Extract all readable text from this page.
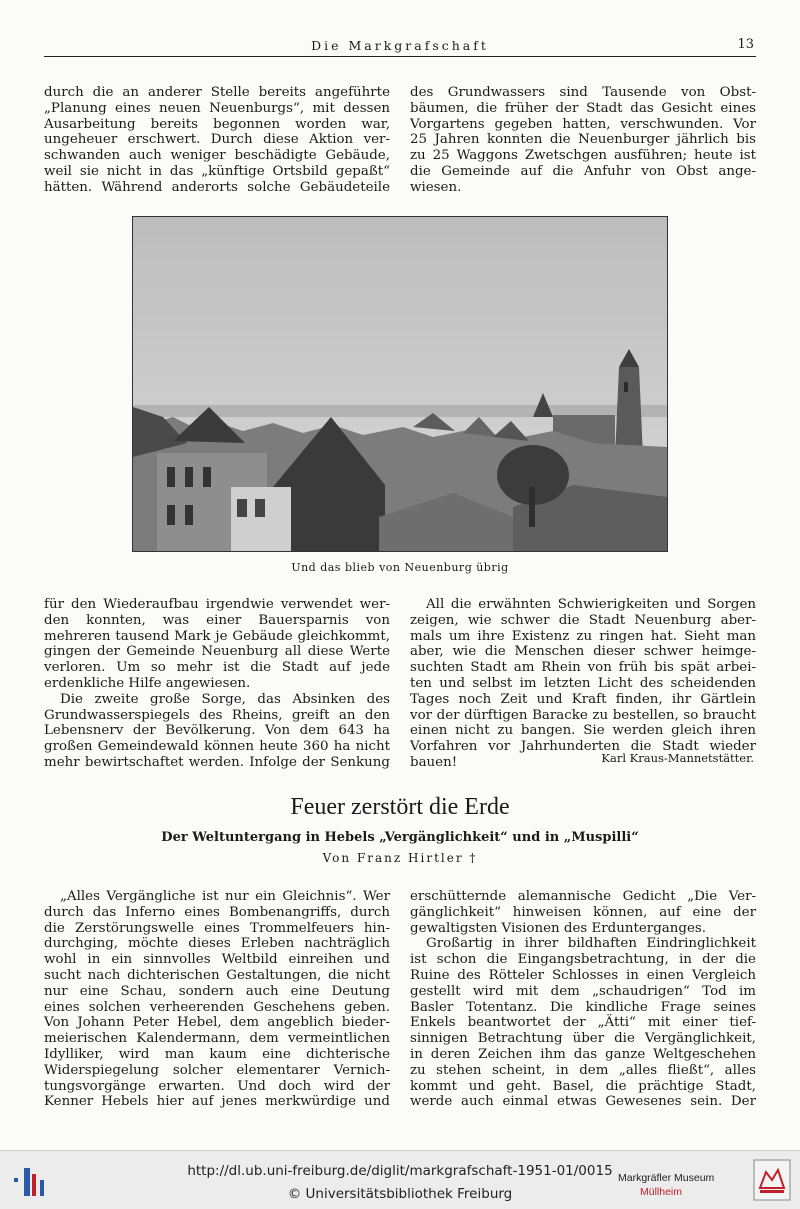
Die Markgrafschaft	13
durch die an anderer Stelle bereits angeführte
„Planung eines neuen Neuenburgs“, mit dessen
Ausarbeitung bereits begonnen worden war,
ungeheuer erschwert. Durch diese Aktion ver-
schwanden auch weniger beschädigte Gebäude,
weil sie nicht in das „künftige Ortsbild gepaßt“
hätten. Während anderorts solche Gebäudeteile
des Grundwassers sind Tausende von Obst-
bäumen, die früher der Stadt das Gesicht eines
Vorgartens gegeben hatten, verschwunden. Vor
25 Jahren konnten die Neuenburger jährlich bis
zu 25 Waggons Zwetschgen ausführen; heute ist
die Gemeinde auf die Anfuhr von Obst ange-
wiesen.
Und das blieb von Neuenburg übrig
für den Wiederaufbau irgendwie verwendet wer-
den konnten, was einer Bauersparnis von
mehreren tausend Mark je Gebäude gleichkommt,
gingen der Gemeinde Neuenburg all diese Werte
verloren. Um so mehr ist die Stadt auf jede
erdenkliche Hilfe angewiesen.
Die zweite große Sorge, das Absinken des
Grundwasserspiegels des Rheins, greift an den
Lebensnerv der Bevölkerung. Von dem 643 ha
großen Gemeindewald können heute 360 ha nicht
mehr bewirtschaftet werden. Infolge der Senkung
All die erwähnten Schwierigkeiten und Sorgen
zeigen, wie schwer die Stadt Neuenburg aber-
mals um ihre Existenz zu ringen hat. Sieht man
aber, wie die Menschen dieser schwer heimge-
suchten Stadt am Rhein von früh bis spät arbei-
ten und selbst im letzten Licht des scheidenden
Tages noch Zeit und Kraft finden, ihr Gärtlein
vor der dürftigen Baracke zu bestellen, so braucht
einen nicht zu bangen. Sie werden gleich ihren
Vorfahren vor Jahrhunderten die Stadt wieder
bauen!	Karl Kraus-Mannetstätter.
Feuer zerstört die Erde
Der Weltuntergang in Hebels „Vergänglichkeit“ und in „Muspilli“
Von Franz Hirtler †
„Alles Vergängliche ist nur ein Gleichnis“. Wer
durch das Inferno eines Bombenangriffs, durch
die Zerstörungswelle eines Trommelfeuers hin-
durchging, möchte dieses Erleben nachträglich
wohl in ein sinnvolles Weltbild einreihen und
sucht nach dichterischen Gestaltungen, die nicht
nur eine Schau, sondern auch eine Deutung
eines solchen verheerenden Geschehens geben.
Von Johann Peter Hebel, dem angeblich bieder-
meierischen Kalendermann, dem vermeintlichen
Idylliker, wird man kaum eine dichterische
Widerspiegelung solcher elementarer Vernich-
tungsvorgänge erwarten. Und doch wird der
Kenner Hebels hier auf jenes merkwürdige und
erschütternde alemannische Gedicht „Die Ver-
gänglichkeit“ hinweisen können, auf eine der
gewaltigsten Visionen des Erdunterganges.
Großartig in ihrer bildhaften Eindringlichkeit
ist schon die Eingangsbetrachtung, in der die
Ruine des Rötteler Schlosses in einen Vergleich
gestellt wird mit dem „schaudrigen“ Tod im
Basler Totentanz. Die kindliche Frage seines
Enkels beantwortet der „Ätti“ mit einer tief-
sinnigen Betrachtung über die Vergänglichkeit,
in deren Zeichen ihm das ganze Weltgeschehen
zu stehen scheint, in dem „alles fließt“, alles
kommt und geht. Basel, die prächtige Stadt,
werde auch einmal etwas Gewesenes sein. Der
http://dl.ub.uni-freiburg.de/diglit/markgrafschaft-1951-01/0015
© Universitätsbibliothek Freiburg
Markgräfler Museum
Müllheim
